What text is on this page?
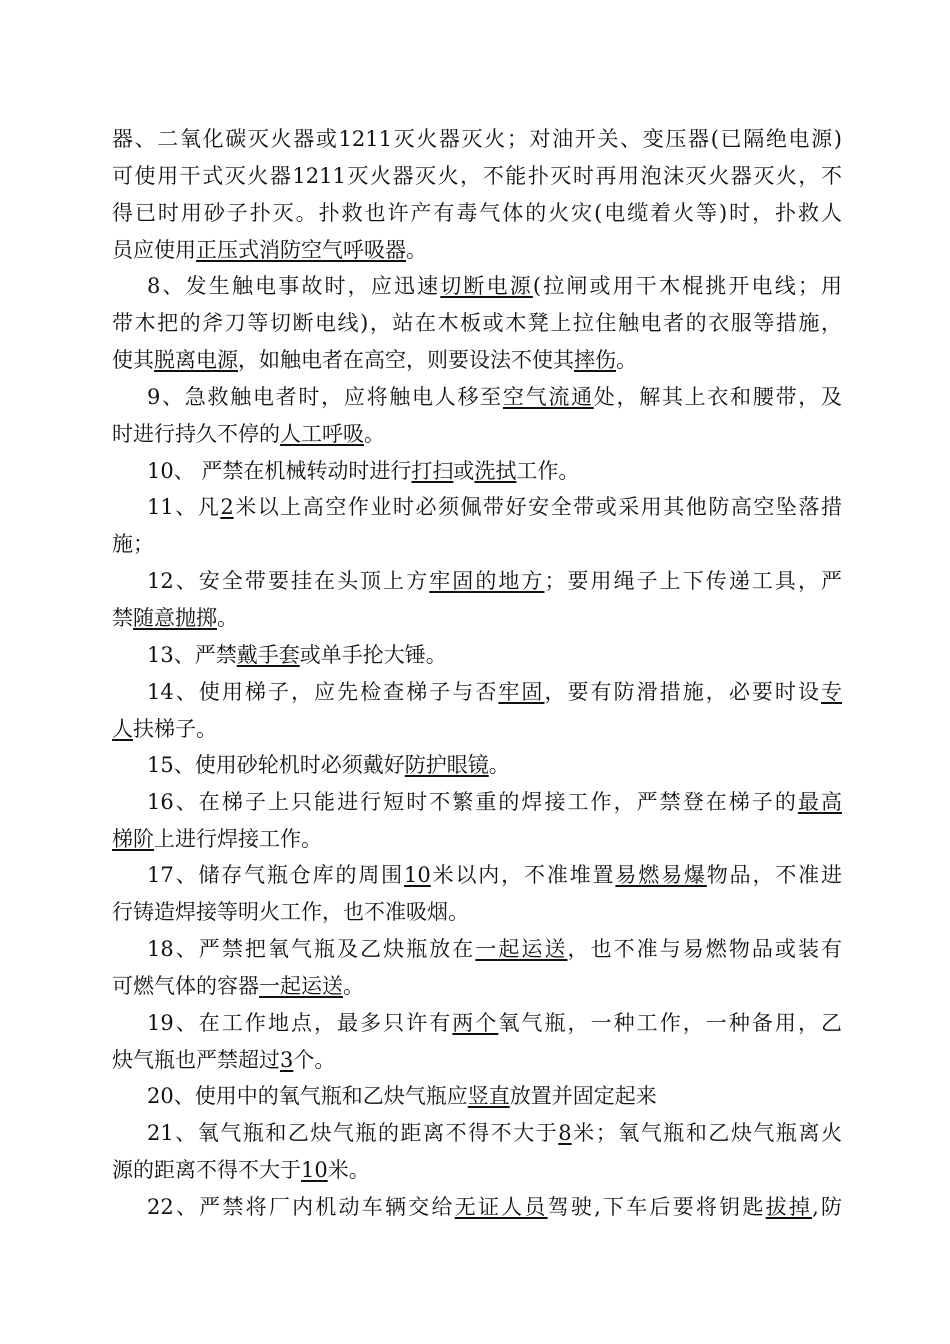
器、二氧化碳灭火器或1211灭火器灭火；对油开关、变压器(已隔绝电源)
可使用干式灭火器1211灭火器灭火，不能扑灭时再用泡沫灭火器灭火，不
得已时用砂子扑灭。扑救也许产有毒气体的火灾(电缆着火等)时，扑救人
员应使用正压式消防空气呼吸器。
8、发生触电事故时，应迅速切断电源(拉闸或用干木棍挑开电线；用
带木把的斧刀等切断电线)，站在木板或木凳上拉住触电者的衣服等措施，
使其脱离电源，如触电者在高空，则要设法不使其摔伤。
9、急救触电者时，应将触电人移至空气流通处，解其上衣和腰带，及
时进行持久不停的人工呼吸。
10、 严禁在机械转动时进行打扫或洗拭工作。
11、凡2米以上高空作业时必须佩带好安全带或采用其他防高空坠落措
施；
12、安全带要挂在头顶上方牢固的地方；要用绳子上下传递工具，严
禁随意抛掷。
13、严禁戴手套或单手抡大锤。
14、使用梯子，应先检查梯子与否牢固，要有防滑措施，必要时设专
人扶梯子。
15、使用砂轮机时必须戴好防护眼镜。
16、在梯子上只能进行短时不繁重的焊接工作，严禁登在梯子的最高
梯阶上进行焊接工作。
17、储存气瓶仓库的周围10米以内，不准堆置易燃易爆物品，不准进
行铸造焊接等明火工作，也不准吸烟。
18、严禁把氧气瓶及乙炔瓶放在一起运送，也不准与易燃物品或装有
可燃气体的容器一起运送。
19、在工作地点，最多只许有两个氧气瓶，一种工作，一种备用，乙
炔气瓶也严禁超过3个。
20、使用中的氧气瓶和乙炔气瓶应竖直放置并固定起来
21、氧气瓶和乙炔气瓶的距离不得不大于8米；氧气瓶和乙炔气瓶离火
源的距离不得不大于10米。
22、严禁将厂内机动车辆交给无证人员驾驶,下车后要将钥匙拔掉,防
